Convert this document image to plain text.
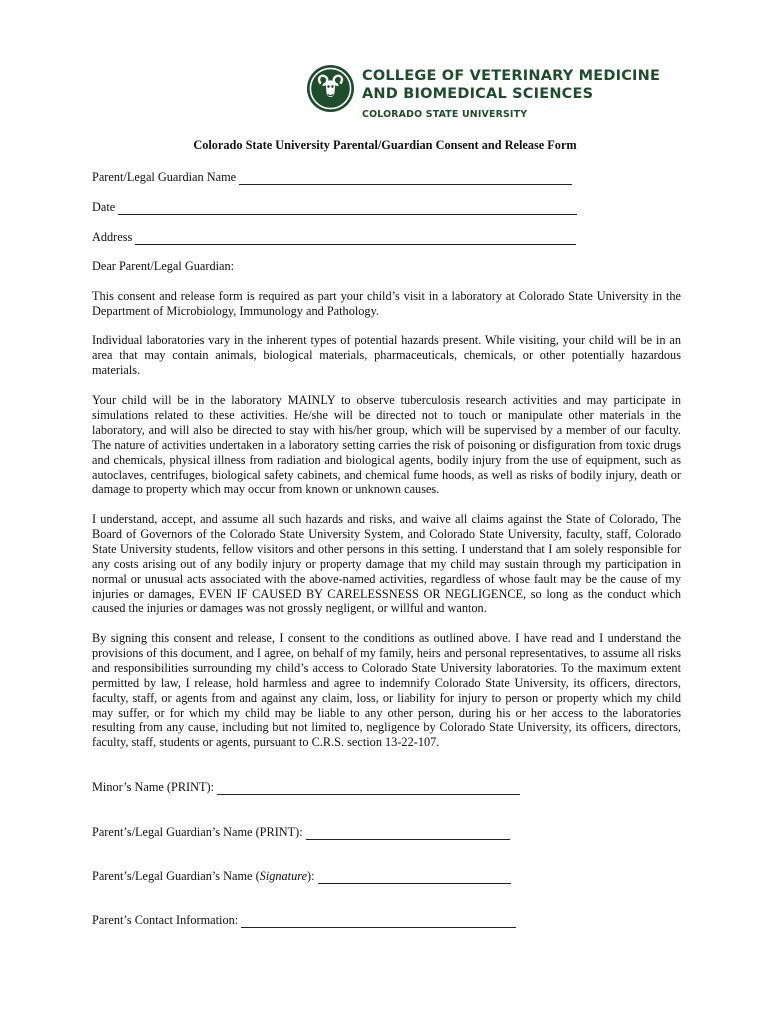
COLLEGE OF VETERINARY MEDICINE
AND BIOMEDICAL SCIENCES
COLORADO STATE UNIVERSITY
Colorado State University Parental/Guardian Consent and Release Form
Parent/Legal Guardian Name
Date
Address

Dear Parent/Legal Guardian:

This consent and release form is required as part your child’s visit in a laboratory at Colorado State University in the Department of Microbiology, Immunology and Pathology.

Individual laboratories vary in the inherent types of potential hazards present. While visiting, your child will be in an area that may contain animals, biological materials, pharmaceuticals, chemicals, or other potentially hazardous materials.

Your child will be in the laboratory MAINLY to observe tuberculosis research activities and may participate in simulations related to these activities. He/she will be directed not to touch or manipulate other materials in the laboratory, and will also be directed to stay with his/her group, which will be supervised by a member of our faculty. The nature of activities undertaken in a laboratory setting carries the risk of poisoning or disfiguration from toxic drugs and chemicals, physical illness from radiation and biological agents, bodily injury from the use of equipment, such as autoclaves, centrifuges, biological safety cabinets, and chemical fume hoods, as well as risks of bodily injury, death or damage to property which may occur from known or unknown causes.

I understand, accept, and assume all such hazards and risks, and waive all claims against the State of Colorado, The Board of Governors of the Colorado State University System, and Colorado State University, faculty, staff, Colorado State University students, fellow visitors and other persons in this setting. I understand that I am solely responsible for any costs arising out of any bodily injury or property damage that my child may sustain through my participation in normal or unusual acts associated with the above-named activities, regardless of whose fault may be the cause of my injuries or damages, EVEN IF CAUSED BY CARELESSNESS OR NEGLIGENCE, so long as the conduct which caused the injuries or damages was not grossly negligent, or willful and wanton.

By signing this consent and release, I consent to the conditions as outlined above. I have read and I understand the provisions of this document, and I agree, on behalf of my family, heirs and personal representatives, to assume all risks and responsibilities surrounding my child’s access to Colorado State University laboratories. To the maximum extent permitted by law, I release, hold harmless and agree to indemnify Colorado State University, its officers, directors, faculty, staff, or agents from and against any claim, loss, or liability for injury to person or property which my child may suffer, or for which my child may be liable to any other person, during his or her access to the laboratories resulting from any cause, including but not limited to, negligence by Colorado State University, its officers, directors, faculty, staff, students or agents, pursuant to C.R.S. section 13-22-107.

Minor’s Name (PRINT):
Parent’s/Legal Guardian’s Name (PRINT):
Parent’s/Legal Guardian’s Name (Signature):
Parent’s Contact Information:
